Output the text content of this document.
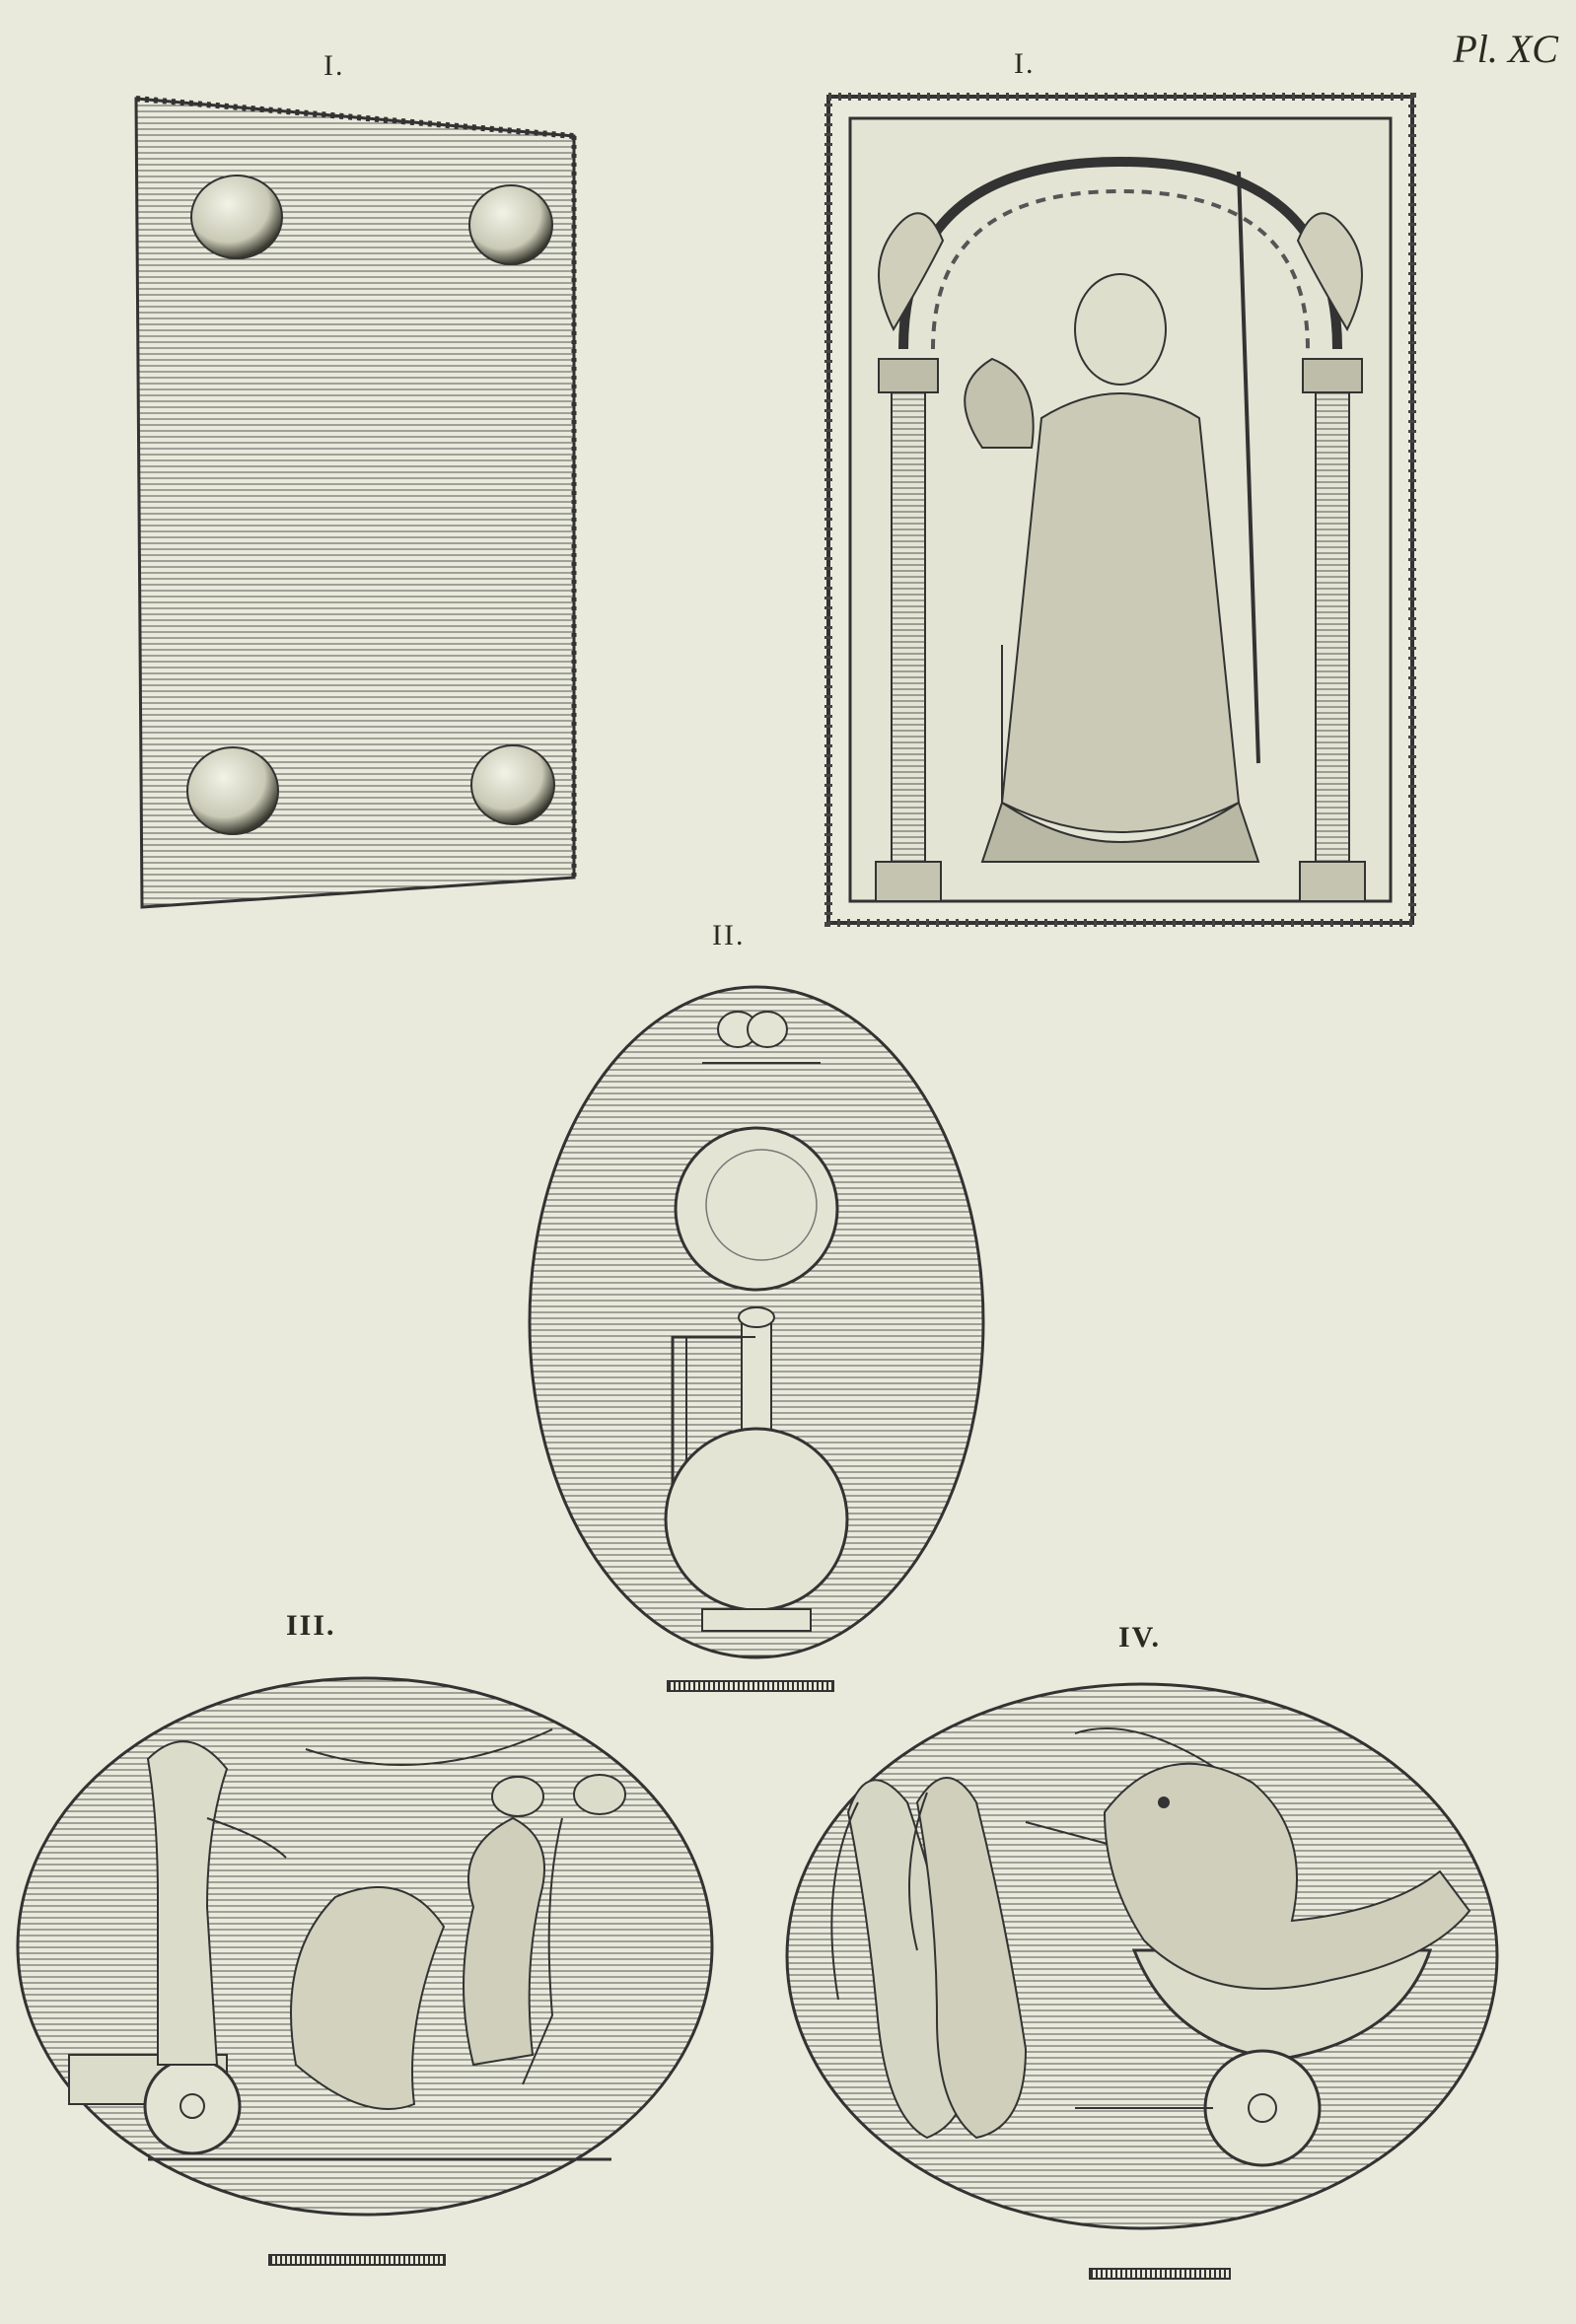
Pl. XC
I.	I.
II.
III.	IV.
